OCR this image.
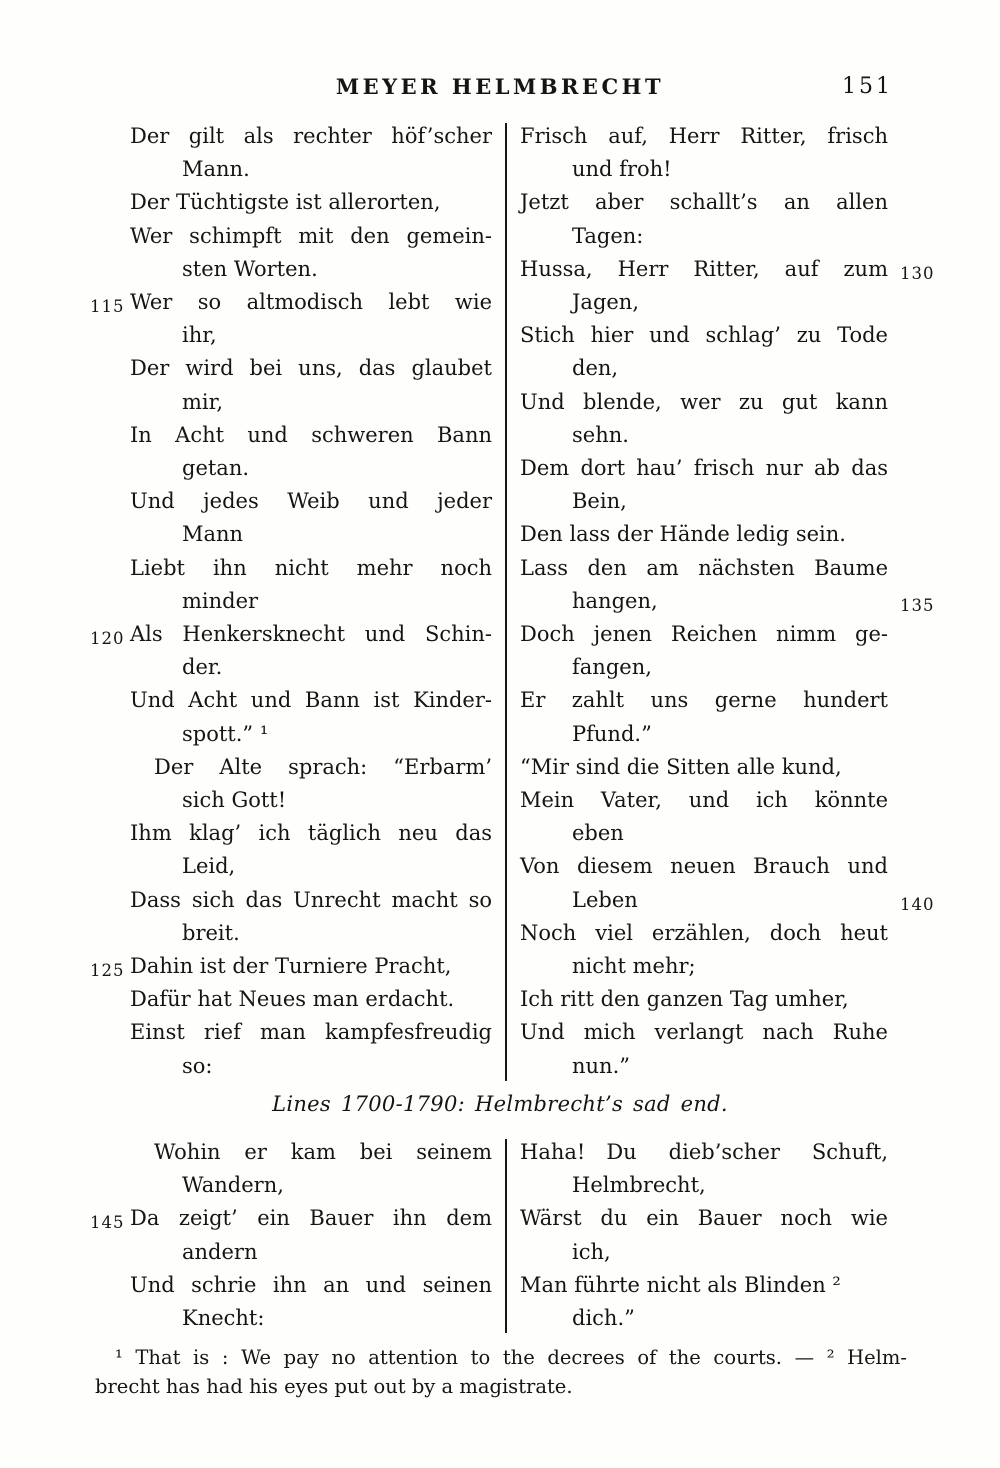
MEYER HELMBRECHT	151
Der gilt als rechter höf’scher
Mann.
Der Tüchtigste ist allerorten,
Wer schimpft mit den gemein-
sten Worten.
115 Wer so altmodisch lebt wie
ihr,
Der wird bei uns, das glaubet
mir,
In Acht und schweren Bann
getan.
Und jedes Weib und jeder
Mann
Liebt ihn nicht mehr noch
minder
120 Als Henkersknecht und Schin-
der.
Und Acht und Bann ist Kinder-
spott.” ¹
Der Alte sprach: “Erbarm’
sich Gott!
Ihm klag’ ich täglich neu das
Leid,
Dass sich das Unrecht macht so
breit.
125 Dahin ist der Turniere Pracht,
Dafür hat Neues man erdacht.
Einst rief man kampfesfreudig
so:
Frisch auf, Herr Ritter, frisch
und froh!
Jetzt aber schallt’s an allen
Tagen:
130
Hussa, Herr Ritter, auf zum
Jagen,
Stich hier und schlag’ zu Tode
den,
Und blende, wer zu gut kann
sehn.
Dem dort hau’ frisch nur ab das
Bein,
Den lass der Hände ledig sein.
Lass den am nächsten Baume
135
hangen,
Doch jenen Reichen nimm ge-
fangen,
Er zahlt uns gerne hundert
Pfund.”
“Mir sind die Sitten alle kund,
Mein Vater, und ich könnte
eben
Von diesem neuen Brauch und
140
Leben
Noch viel erzählen, doch heut
nicht mehr;
Ich ritt den ganzen Tag umher,
Und mich verlangt nach Ruhe
nun.”
Lines 1700-1790: Helmbrecht’s sad end.
Wohin er kam bei seinem
Wandern,
145 Da zeigt’ ein Bauer ihn dem
andern
Und schrie ihn an und seinen
Knecht:
Haha! Du dieb’scher Schuft,
Helmbrecht,
Wärst du ein Bauer noch wie
ich,
Man führte nicht als Blinden ²
dich.”
¹ That is : We pay no attention to the decrees of the courts. — ² Helm-
brecht has had his eyes put out by a magistrate.
